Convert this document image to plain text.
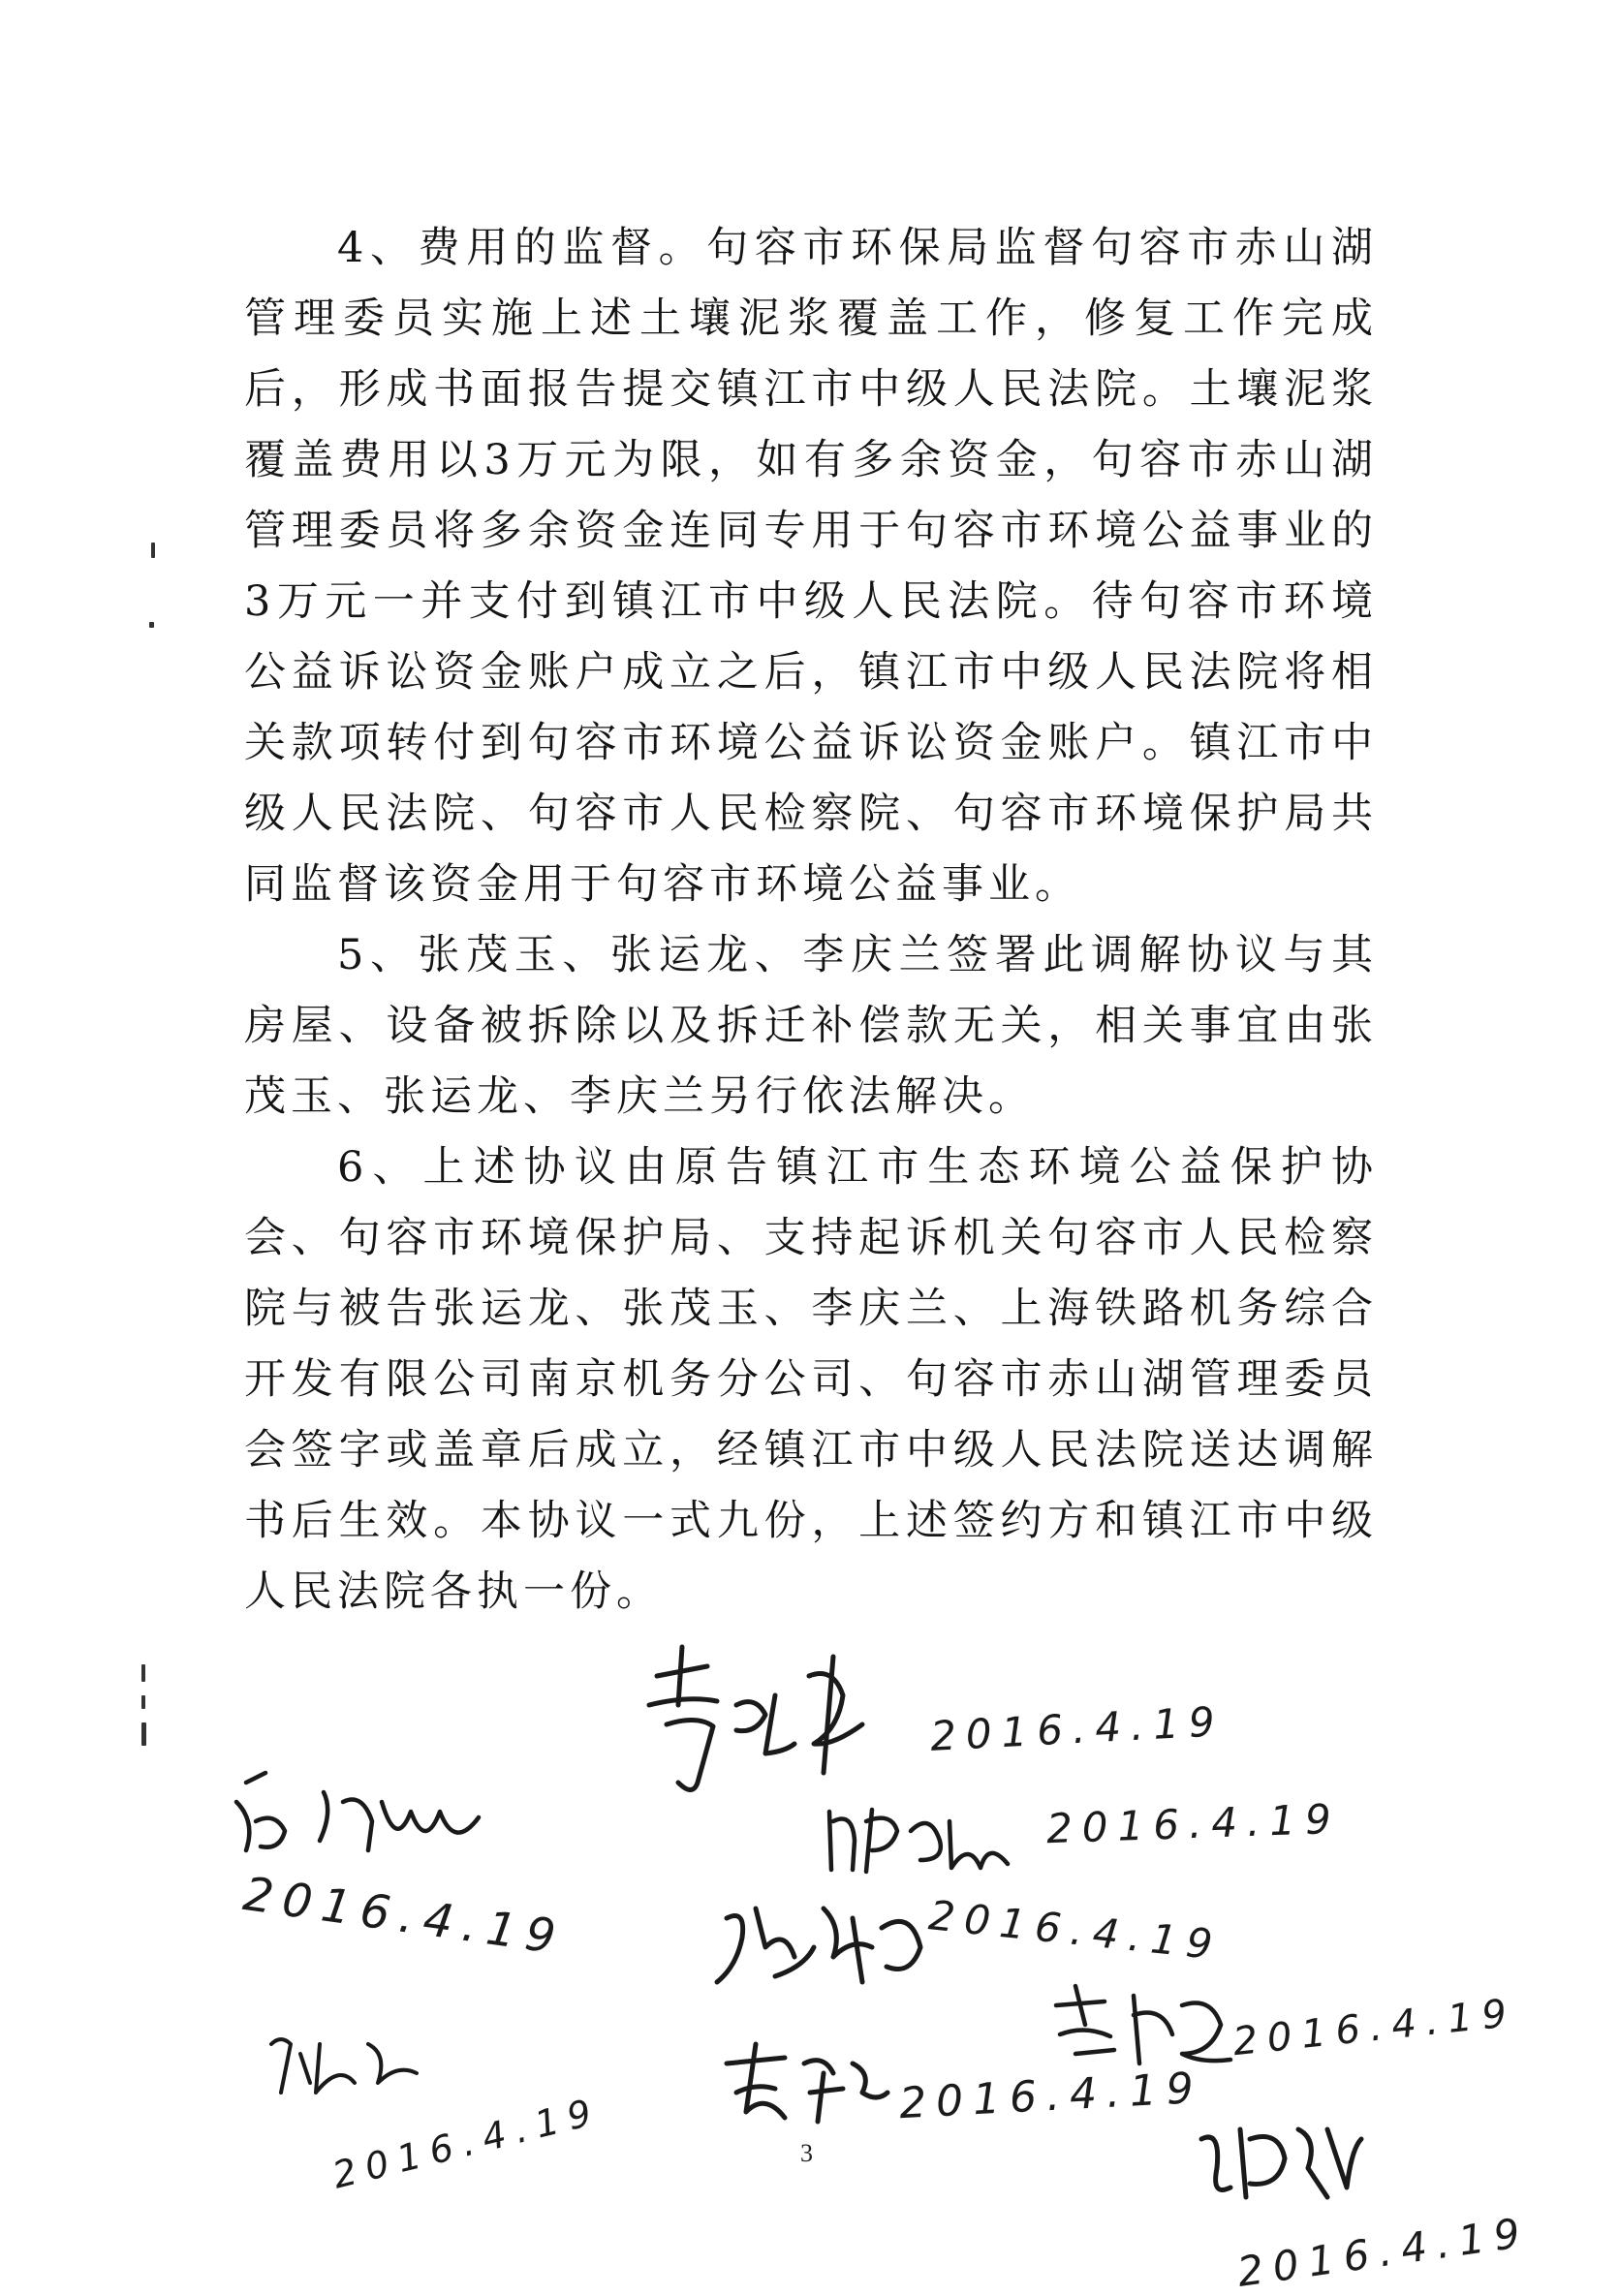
4、费用的监督。句容市环保局监督句容市赤山湖管理委员实施上述土壤泥浆覆盖工作，修复工作完成后，形成书面报告提交镇江市中级人民法院。土壤泥浆覆盖费用以3万元为限，如有多余资金，句容市赤山湖管理委员将多余资金连同专用于句容市环境公益事业的3万元一并支付到镇江市中级人民法院。待句容市环境公益诉讼资金账户成立之后，镇江市中级人民法院将相关款项转付到句容市环境公益诉讼资金账户。镇江市中级人民法院、句容市人民检察院、句容市环境保护局共同监督该资金用于句容市环境公益事业。

5、张茂玉、张运龙、李庆兰签署此调解协议与其房屋、设备被拆除以及拆迁补偿款无关，相关事宜由张茂玉、张运龙、李庆兰另行依法解决。

6、上述协议由原告镇江市生态环境公益保护协会、句容市环境保护局、支持起诉机关句容市人民检察院与被告张运龙、张茂玉、李庆兰、上海铁路机务综合开发有限公司南京机务分公司、句容市赤山湖管理委员会签字或盖章后成立，经镇江市中级人民法院送达调解书后生效。本协议一式九份，上述签约方和镇江市中级人民法院各执一份。

2016.4.19
2016.4.19
2016.4.19	2016.4.19
2016.4.19
2016.4.19	2016.4.19
2016.4.19
3
